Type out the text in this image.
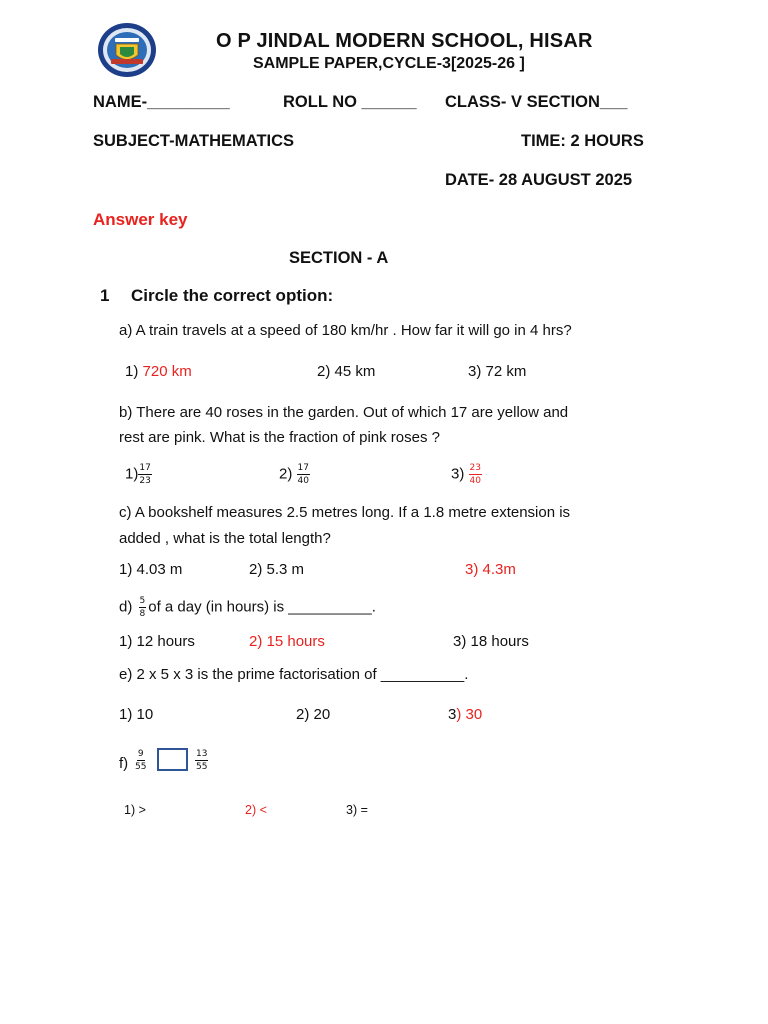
O P JINDAL MODERN SCHOOL, HISAR
SAMPLE PAPER,CYCLE-3[2025-26 ]
NAME-_________	ROLL NO ______ CLASS- V SECTION___
SUBJECT-MATHEMATICS	TIME: 2 HOURS
DATE- 28 AUGUST 2025
Answer key
SECTION - A
1 Circle the correct option:
a) A train travels at a speed of 180 km/hr . How far it will go in 4 hrs?
1) 720 km	2) 45 km	3) 72 km
b) There are 40 roses in the garden. Out of which 17 are yellow and
rest are pink. What is the fraction of pink roses ?
$1) \frac{17}{23}$	$2) \frac{17}{40}$	$3) \frac{23}{40}$
c) A bookshelf measures 2.5 metres long. If a 1.8 metre extension is
added , what is the total length?
1) 4.03 m	2) 5.3 m	3) 4.3m
$d) \frac{5}{8}$ of a day (in hours) is __________.
1) 12 hours	2) 15 hours	3) 18 hours
e) 2 x 5 x 3 is the prime factorisation of __________.
1) 10	2) 20	3) 30
$f) \frac{9}{55}$	$\frac{13}{55}$
1) >	2) <	3) =
